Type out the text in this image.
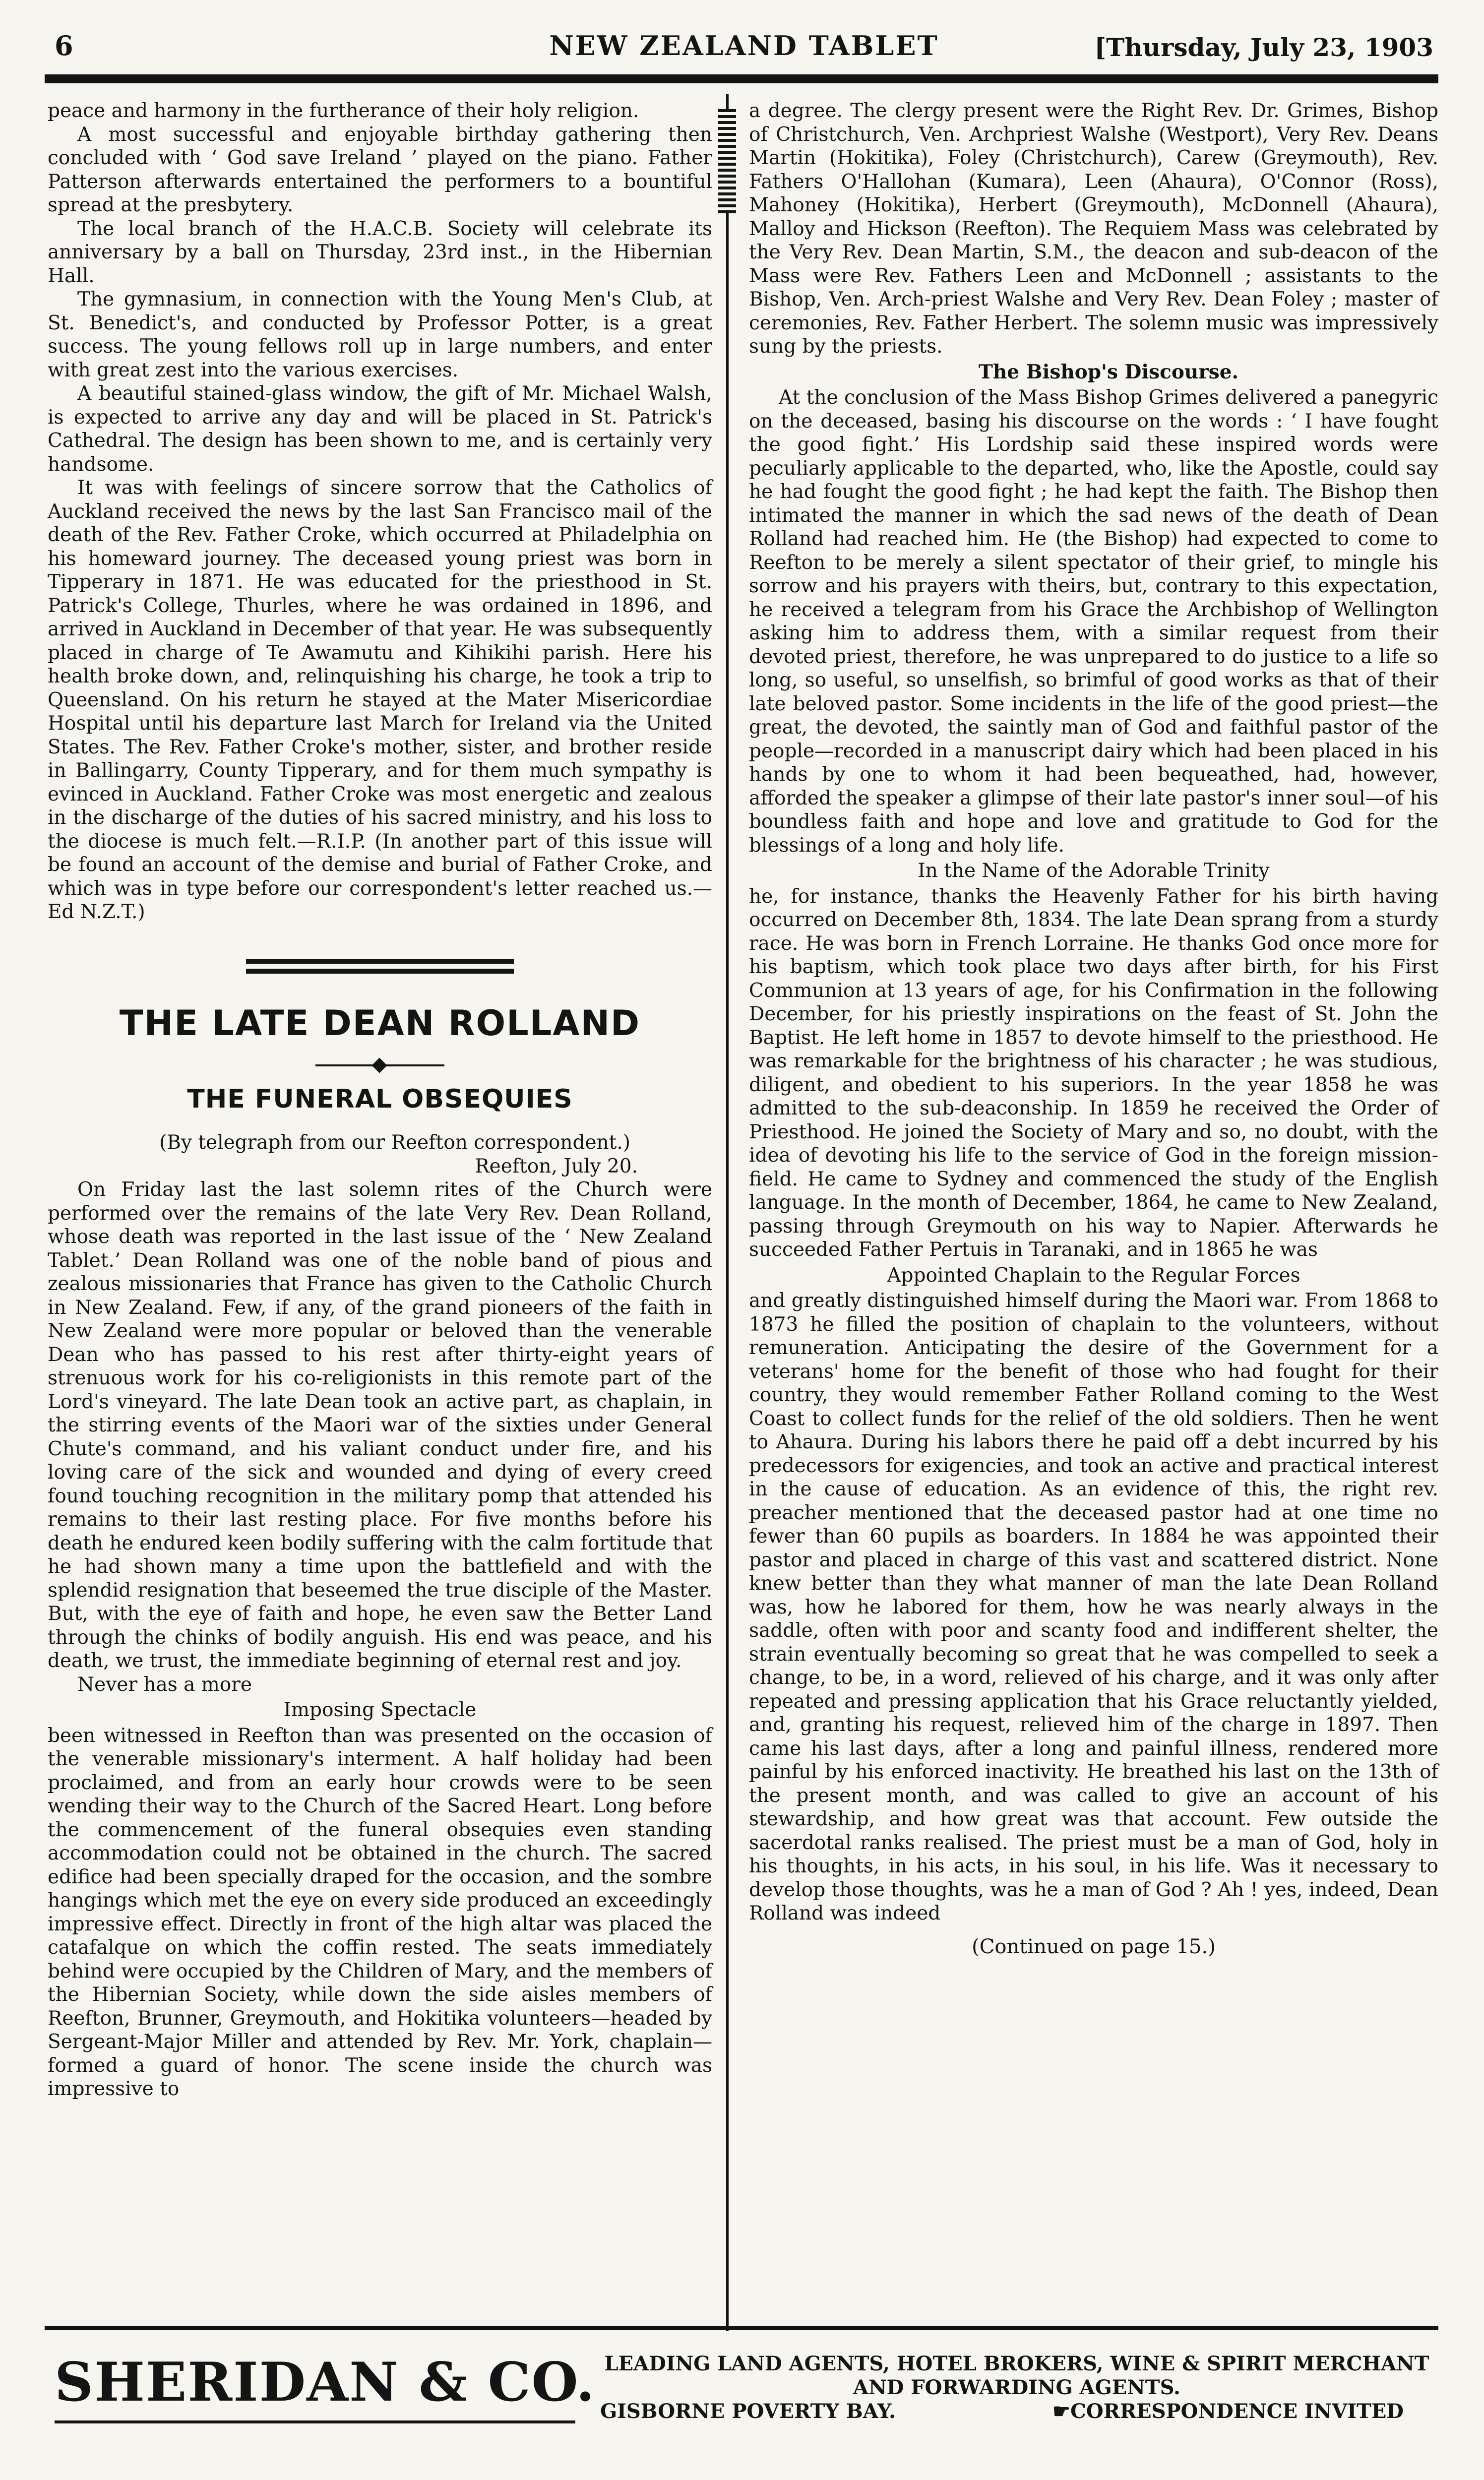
6	NEW ZEALAND TABLET	[Thursday, July 23, 1903

peace and harmony in the furtherance of their holy religion.

A most successful and enjoyable birthday gathering then concluded with ‘ God save Ireland ’ played on the piano. Father Patterson afterwards entertained the performers to a bountiful spread at the presbytery.

The local branch of the H.A.C.B. Society will celebrate its anniversary by a ball on Thursday, 23rd inst., in the Hibernian Hall.

The gymnasium, in connection with the Young Men's Club, at St. Benedict's, and conducted by Professor Potter, is a great success. The young fellows roll up in large numbers, and enter with great zest into the various exercises.

A beautiful stained-glass window, the gift of Mr. Michael Walsh, is expected to arrive any day and will be placed in St. Patrick's Cathedral. The design has been shown to me, and is certainly very handsome.

It was with feelings of sincere sorrow that the Catholics of Auckland received the news by the last San Francisco mail of the death of the Rev. Father Croke, which occurred at Philadelphia on his homeward journey. The deceased young priest was born in Tipperary in 1871. He was educated for the priesthood in St. Patrick's College, Thurles, where he was ordained in 1896, and arrived in Auckland in December of that year. He was subsequently placed in charge of Te Awamutu and Kihikihi parish. Here his health broke down, and, relinquishing his charge, he took a trip to Queensland. On his return he stayed at the Mater Misericordiae Hospital until his departure last March for Ireland via the United States. The Rev. Father Croke's mother, sister, and brother reside in Ballingarry, County Tipperary, and for them much sympathy is evinced in Auckland. Father Croke was most energetic and zealous in the discharge of the duties of his sacred ministry, and his loss to the diocese is much felt.—R.I.P. (In another part of this issue will be found an account of the demise and burial of Father Croke, and which was in type before our correspondent's letter reached us.—Ed N.Z.T.)

THE LATE DEAN ROLLAND
THE FUNERAL OBSEQUIES

(By telegraph from our Reefton correspondent.)

Reefton, July 20.

On Friday last the last solemn rites of the Church were performed over the remains of the late Very Rev. Dean Rolland, whose death was reported in the last issue of the ‘ New Zealand Tablet.’ Dean Rolland was one of the noble band of pious and zealous missionaries that France has given to the Catholic Church in New Zealand. Few, if any, of the grand pioneers of the faith in New Zealand were more popular or beloved than the venerable Dean who has passed to his rest after thirty-eight years of strenuous work for his co-religionists in this remote part of the Lord's vineyard. The late Dean took an active part, as chaplain, in the stirring events of the Maori war of the sixties under General Chute's command, and his valiant conduct under fire, and his loving care of the sick and wounded and dying of every creed found touching recognition in the military pomp that attended his remains to their last resting place. For five months before his death he endured keen bodily suffering with the calm fortitude that he had shown many a time upon the battlefield and with the splendid resignation that beseemed the true disciple of the Master. But, with the eye of faith and hope, he even saw the Better Land through the chinks of bodily anguish. His end was peace, and his death, we trust, the immediate beginning of eternal rest and joy.

Never has a more

Imposing Spectacle

been witnessed in Reefton than was presented on the occasion of the venerable missionary's interment. A half holiday had been proclaimed, and from an early hour crowds were to be seen wending their way to the Church of the Sacred Heart. Long before the commencement of the funeral obsequies even standing accommodation could not be obtained in the church. The sacred edifice had been specially draped for the occasion, and the sombre hangings which met the eye on every side produced an exceedingly impressive effect. Directly in front of the high altar was placed the catafalque on which the coffin rested. The seats immediately behind were occupied by the Children of Mary, and the members of the Hibernian Society, while down the side aisles members of Reefton, Brunner, Greymouth, and Hokitika volunteers—headed by Sergeant-Major Miller and attended by Rev. Mr. York, chaplain—formed a guard of honor. The scene inside the church was impressive to

a degree. The clergy present were the Right Rev. Dr. Grimes, Bishop of Christchurch, Ven. Archpriest Walshe (Westport), Very Rev. Deans Martin (Hokitika), Foley (Christchurch), Carew (Greymouth), Rev. Fathers O'Hallohan (Kumara), Leen (Ahaura), O'Connor (Ross), Mahoney (Hokitika), Herbert (Greymouth), McDonnell (Ahaura), Malloy and Hickson (Reefton). The Requiem Mass was celebrated by the Very Rev. Dean Martin, S.M., the deacon and sub-deacon of the Mass were Rev. Fathers Leen and McDonnell ; assistants to the Bishop, Ven. Arch-priest Walshe and Very Rev. Dean Foley ; master of ceremonies, Rev. Father Herbert. The solemn music was impressively sung by the priests.

The Bishop's Discourse.

At the conclusion of the Mass Bishop Grimes delivered a panegyric on the deceased, basing his discourse on the words : ‘ I have fought the good fight.’ His Lordship said these inspired words were peculiarly applicable to the departed, who, like the Apostle, could say he had fought the good fight ; he had kept the faith. The Bishop then intimated the manner in which the sad news of the death of Dean Rolland had reached him. He (the Bishop) had expected to come to Reefton to be merely a silent spectator of their grief, to mingle his sorrow and his prayers with theirs, but, contrary to this expectation, he received a telegram from his Grace the Archbishop of Wellington asking him to address them, with a similar request from their devoted priest, therefore, he was unprepared to do justice to a life so long, so useful, so unselfish, so brimful of good works as that of their late beloved pastor. Some incidents in the life of the good priest—the great, the devoted, the saintly man of God and faithful pastor of the people—recorded in a manuscript dairy which had been placed in his hands by one to whom it had been bequeathed, had, however, afforded the speaker a glimpse of their late pastor's inner soul—of his boundless faith and hope and love and gratitude to God for the blessings of a long and holy life.

In the Name of the Adorable Trinity

he, for instance, thanks the Heavenly Father for his birth having occurred on December 8th, 1834. The late Dean sprang from a sturdy race. He was born in French Lorraine. He thanks God once more for his baptism, which took place two days after birth, for his First Communion at 13 years of age, for his Confirmation in the following December, for his priestly inspirations on the feast of St. John the Baptist. He left home in 1857 to devote himself to the priesthood. He was remarkable for the brightness of his character ; he was studious, diligent, and obedient to his superiors. In the year 1858 he was admitted to the sub-deaconship. In 1859 he received the Order of Priesthood. He joined the Society of Mary and so, no doubt, with the idea of devoting his life to the service of God in the foreign mission-field. He came to Sydney and commenced the study of the English language. In the month of December, 1864, he came to New Zealand, passing through Greymouth on his way to Napier. Afterwards he succeeded Father Pertuis in Taranaki, and in 1865 he was

Appointed Chaplain to the Regular Forces

and greatly distinguished himself during the Maori war. From 1868 to 1873 he filled the position of chaplain to the volunteers, without remuneration. Anticipating the desire of the Government for a veterans' home for the benefit of those who had fought for their country, they would remember Father Rolland coming to the West Coast to collect funds for the relief of the old soldiers. Then he went to Ahaura. During his labors there he paid off a debt incurred by his predecessors for exigencies, and took an active and practical interest in the cause of education. As an evidence of this, the right rev. preacher mentioned that the deceased pastor had at one time no fewer than 60 pupils as boarders. In 1884 he was appointed their pastor and placed in charge of this vast and scattered district. None knew better than they what manner of man the late Dean Rolland was, how he labored for them, how he was nearly always in the saddle, often with poor and scanty food and indifferent shelter, the strain eventually becoming so great that he was compelled to seek a change, to be, in a word, relieved of his charge, and it was only after repeated and pressing application that his Grace reluctantly yielded, and, granting his request, relieved him of the charge in 1897. Then came his last days, after a long and painful illness, rendered more painful by his enforced inactivity. He breathed his last on the 13th of the present month, and was called to give an account of his stewardship, and how great was that account. Few outside the sacerdotal ranks realised. The priest must be a man of God, holy in his thoughts, in his acts, in his soul, in his life. Was it necessary to develop those thoughts, was he a man of God ? Ah ! yes, indeed, Dean Rolland was indeed

(Continued on page 15.)
SHERIDAN & CO. LEADING LAND AGENTS, HOTEL BROKERS, WINE & SPIRIT MERCHANT
AND FORWARDING AGENTS.
GISBORNE POVERTY BAY.	☛CORRESPONDENCE INVITED
